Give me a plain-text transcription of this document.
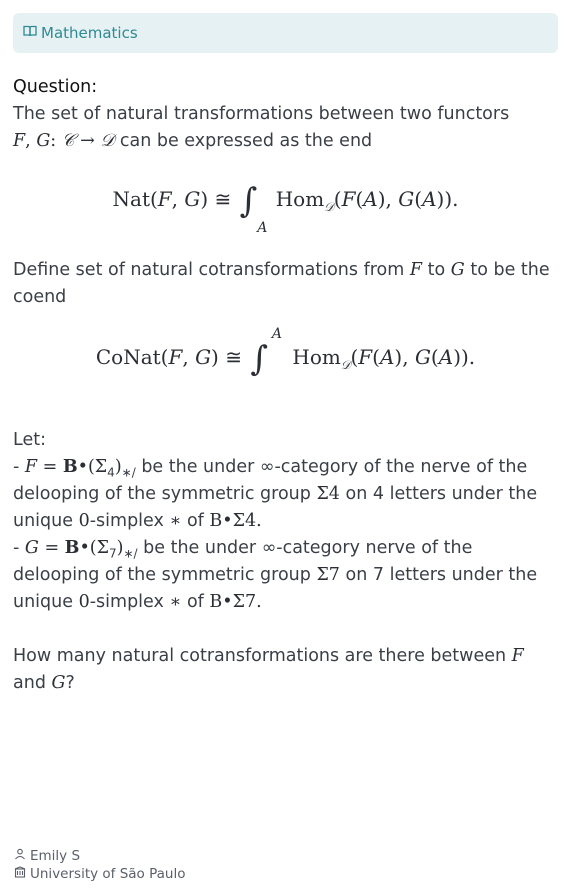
Mathematics
Question:

The set of natural transformations between two functors
F, G: 𝒞 → 𝒟 can be expressed as the end

Nat(F, G) ≅ ∫
A
Hom$_𝒟$(F(A), G(A)).

Define set of natural cotransformations from F to G to be the coend

CoNat(F, G) ≅ ∫
A
Hom$_𝒟$(F(A), G(A)).

Let:

- $F = B•(\Sigma_4)_{∗/}$ be the under ∞-category of the nerve of the delooping of the symmetric group Σ4 on 4 letters under the unique 0-simplex ∗ of B•Σ4.

- $G = B•(\Sigma_7)_{∗/}$ be the under ∞-category nerve of the delooping of the symmetric group Σ7 on 7 letters under the unique 0-simplex ∗ of B•Σ7.

How many natural cotransformations are there between F and G?

Emily S
University of São Paulo
